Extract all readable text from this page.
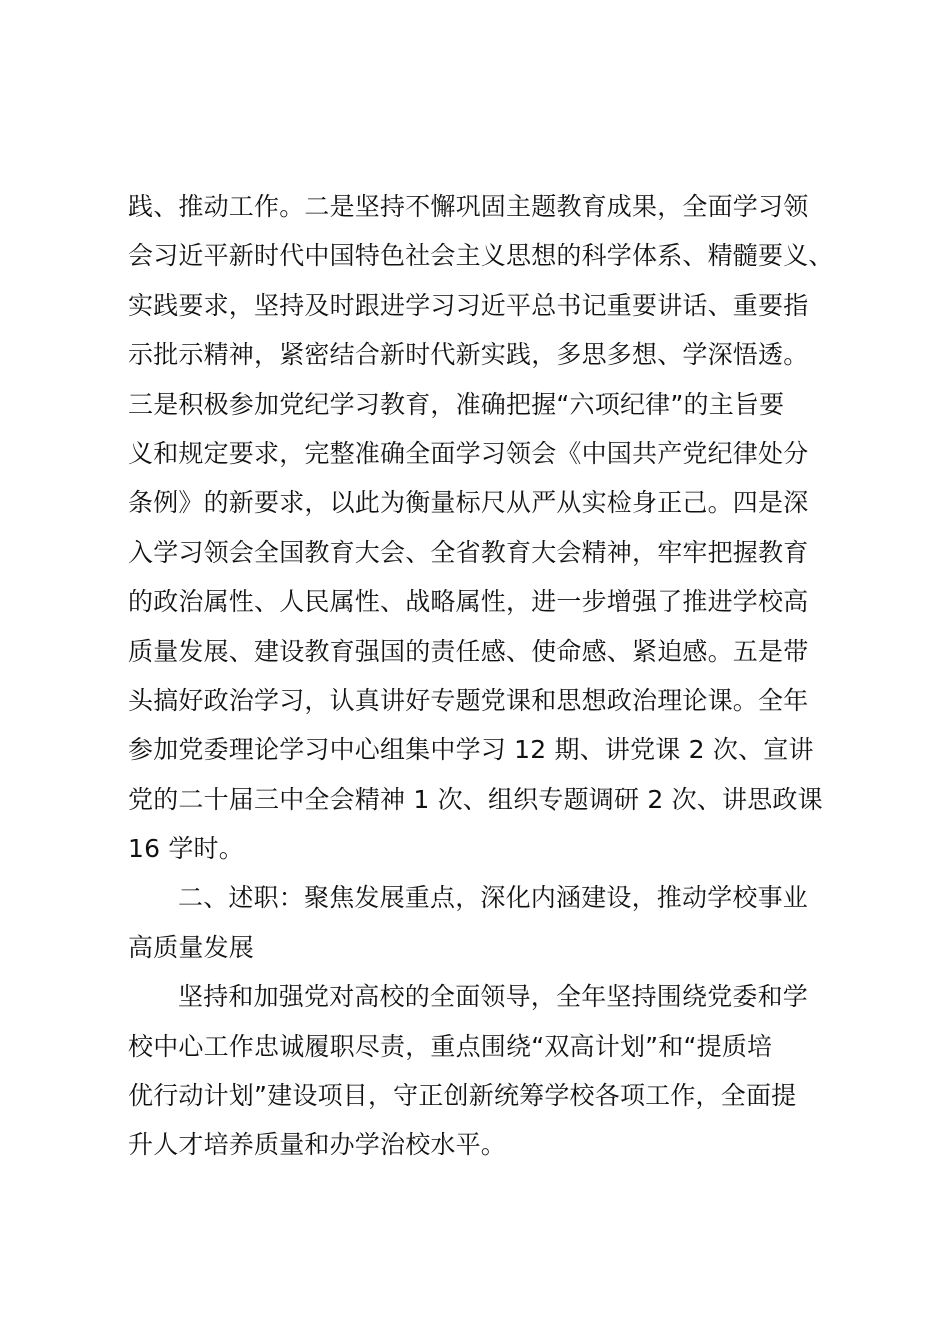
践、推动工作。二是坚持不懈巩固主题教育成果，全面学习领
会习近平新时代中国特色社会主义思想的科学体系、精髓要义、
实践要求，坚持及时跟进学习习近平总书记重要讲话、重要指
示批示精神，紧密结合新时代新实践，多思多想、学深悟透。
三是积极参加党纪学习教育，准确把握“六项纪律”的主旨要
义和规定要求，完整准确全面学习领会《中国共产党纪律处分
条例》的新要求，以此为衡量标尺从严从实检身正己。四是深
入学习领会全国教育大会、全省教育大会精神，牢牢把握教育
的政治属性、人民属性、战略属性，进一步增强了推进学校高
质量发展、建设教育强国的责任感、使命感、紧迫感。五是带
头搞好政治学习，认真讲好专题党课和思想政治理论课。全年
参加党委理论学习中心组集中学习 12 期、讲党课 2 次、宣讲
党的二十届三中全会精神 1 次、组织专题调研 2 次、讲思政课
16 学时。
二、述职：聚焦发展重点，深化内涵建设，推动学校事业
高质量发展
坚持和加强党对高校的全面领导，全年坚持围绕党委和学
校中心工作忠诚履职尽责，重点围绕“双高计划”和“提质培
优行动计划”建设项目，守正创新统筹学校各项工作，全面提
升人才培养质量和办学治校水平。
